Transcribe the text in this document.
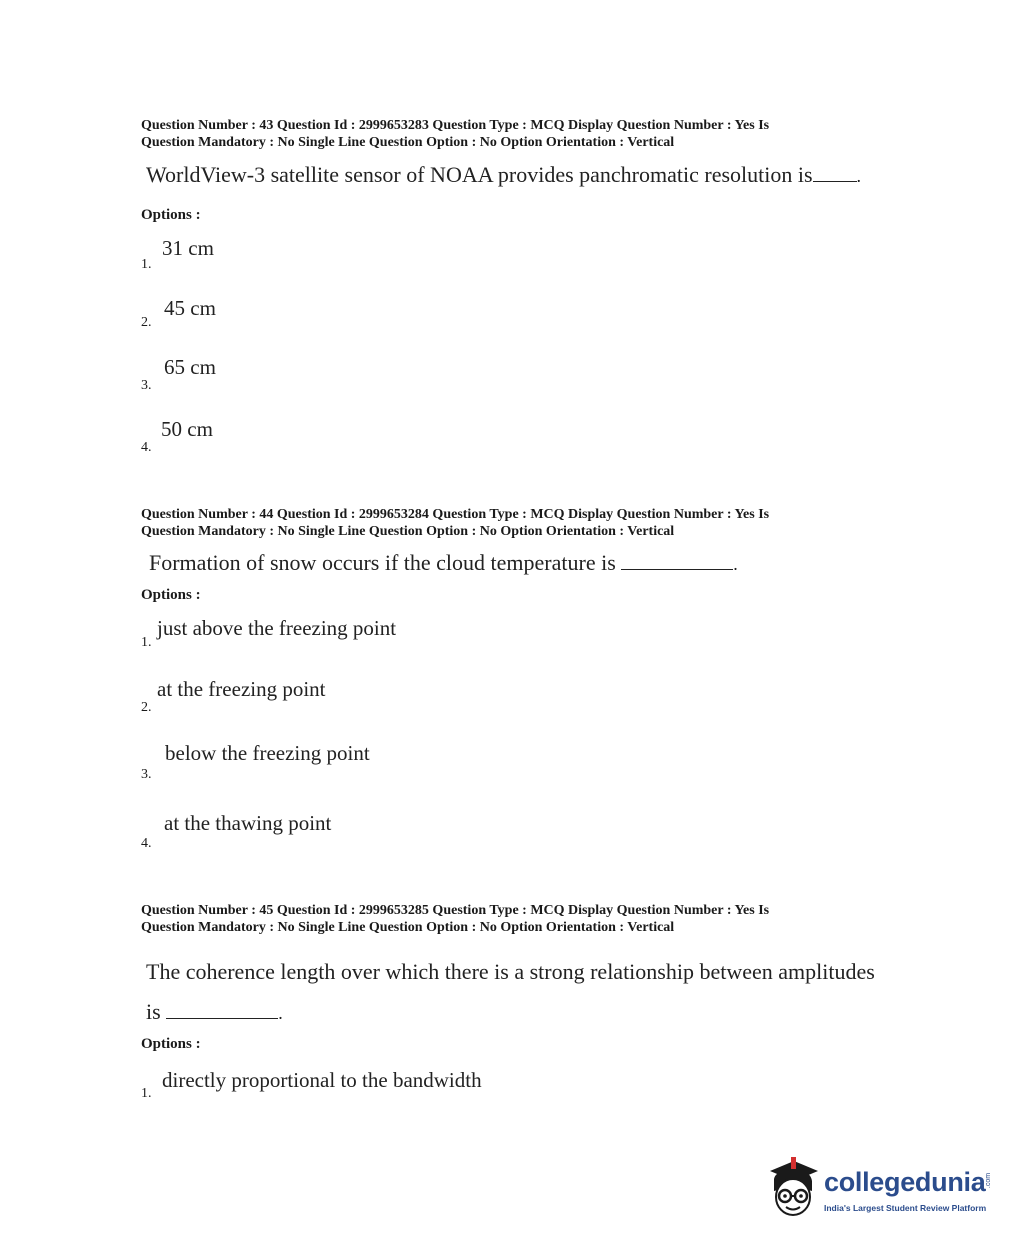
Question Number : 43 Question Id : 2999653283 Question Type : MCQ Display Question Number : Yes Is
Question Mandatory : No Single Line Question Option : No Option Orientation : Vertical
WorldView-3 satellite sensor of NOAA provides panchromatic resolution is .
Options :
31 cm
1.
45 cm
2.
65 cm
3.
50 cm
4.
Question Number : 44 Question Id : 2999653284 Question Type : MCQ Display Question Number : Yes Is
Question Mandatory : No Single Line Question Option : No Option Orientation : Vertical
Formation of snow occurs if the cloud temperature is	.
Options :
just above the freezing point
1.
at the freezing point
2.
below the freezing point
3.
at the thawing point
4.
Question Number : 45 Question Id : 2999653285 Question Type : MCQ Display Question Number : Yes Is
Question Mandatory : No Single Line Question Option : No Option Orientation : Vertical
The coherence length over which there is a strong relationship between amplitudes
is	.
Options :
directly proportional to the bandwidth
1.
collegedunia .com
India's Largest Student Review Platform
